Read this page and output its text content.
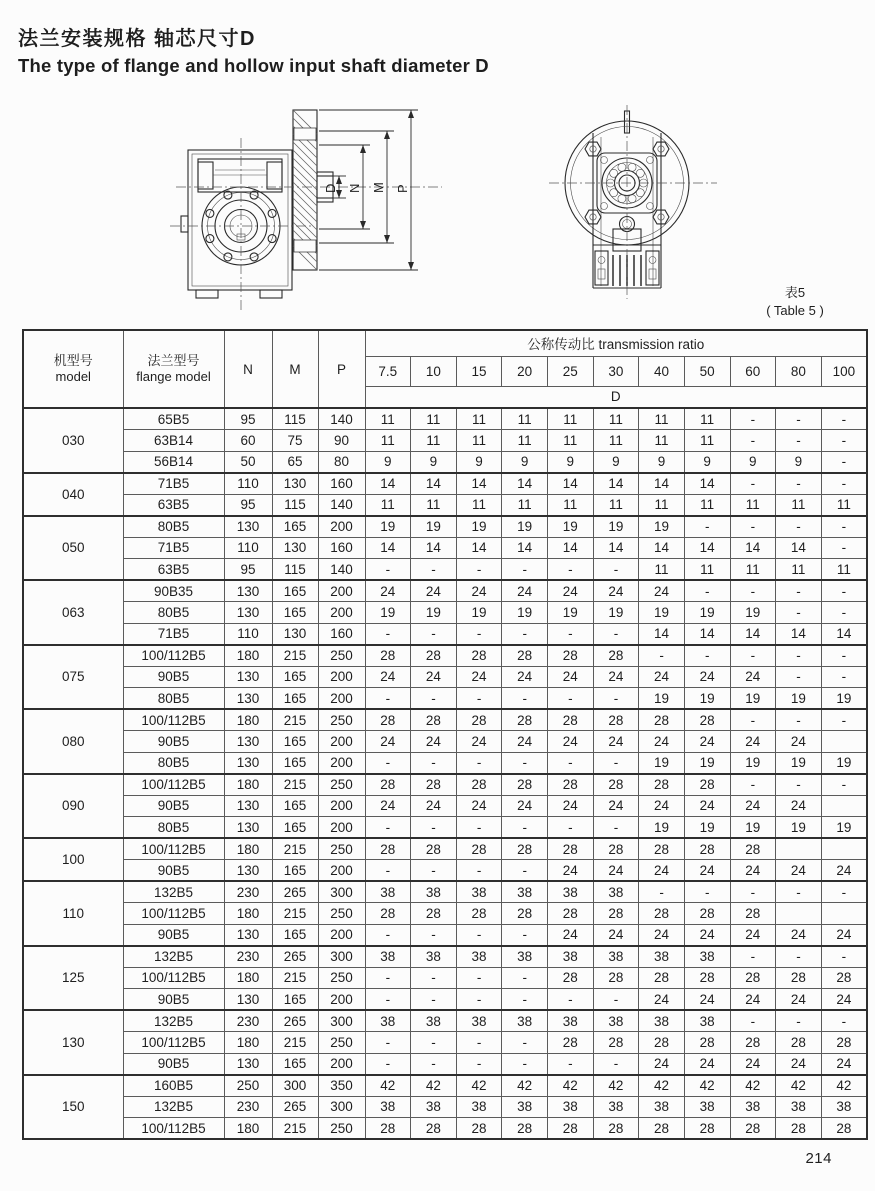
法兰安装规格 轴芯尺寸D
The type of flange and hollow input shaft diameter D
D N M P
表5
( Table 5 )
机型号
model

法兰型号
flange model	N	M	P	公称传动比 transmission ratio
					7.5	10	15	20	25	30	40	50	60	80	100
					D										
030	65B5	95	115	140	11	11	11	11	11	11	11	11	-	-	-
	63B14	60	75	90	11	11	11	11	11	11	11	11	-	-	-
	56B14	50	65	80	9	9	9	9	9	9	9	9	9	9	-
040	71B5	110	130	160	14	14	14	14	14	14	14	14	-	-	-
	63B5	95	115	140	11	11	11	11	11	11	11	11	11	11	11
050	80B5	130	165	200	19	19	19	19	19	19	19	-	-	-	-
	71B5	110	130	160	14	14	14	14	14	14	14	14	14	14	-
	63B5	95	115	140	-	-	-	-	-	-	11	11	11	11	11
063	90B35	130	165	200	24	24	24	24	24	24	24	-	-	-	-
	80B5	130	165	200	19	19	19	19	19	19	19	19	19	-	-
	71B5	110	130	160	-	-	-	-	-	-	14	14	14	14	14
075	100/112B5	180	215	250	28	28	28	28	28	28	-	-	-	-	-
	90B5	130	165	200	24	24	24	24	24	24	24	24	24	-	-
	80B5	130	165	200	-	-	-	-	-	-	19	19	19	19	19
080	100/112B5	180	215	250	28	28	28	28	28	28	28	28	-	-	-
	90B5	130	165	200	24	24	24	24	24	24	24	24	24	24	
	80B5	130	165	200	-	-	-	-	-	-	19	19	19	19	19
090	100/112B5	180	215	250	28	28	28	28	28	28	28	28	-	-	-
	90B5	130	165	200	24	24	24	24	24	24	24	24	24	24	
	80B5	130	165	200	-	-	-	-	-	-	19	19	19	19	19
100	100/112B5	180	215	250	28	28	28	28	28	28	28	28	28		
	90B5	130	165	200	-	-	-	-	24	24	24	24	24	24	24
110	132B5	230	265	300	38	38	38	38	38	38	-	-	-	-	-
	100/112B5	180	215	250	28	28	28	28	28	28	28	28	28		
	90B5	130	165	200	-	-	-	-	24	24	24	24	24	24	24
125	132B5	230	265	300	38	38	38	38	38	38	38	38	-	-	-
	100/112B5	180	215	250	-	-	-	-	28	28	28	28	28	28	28
	90B5	130	165	200	-	-	-	-	-	-	24	24	24	24	24
130	132B5	230	265	300	38	38	38	38	38	38	38	38	-	-	-
	100/112B5	180	215	250	-	-	-	-	28	28	28	28	28	28	28
	90B5	130	165	200	-	-	-	-	-	-	24	24	24	24	24
150	160B5	250	300	350	42	42	42	42	42	42	42	42	42	42	42
	132B5	230	265	300	38	38	38	38	38	38	38	38	38	38	38
	100/112B5	180	215	250	28	28	28	28	28	28	28	28	28	28	28
214
